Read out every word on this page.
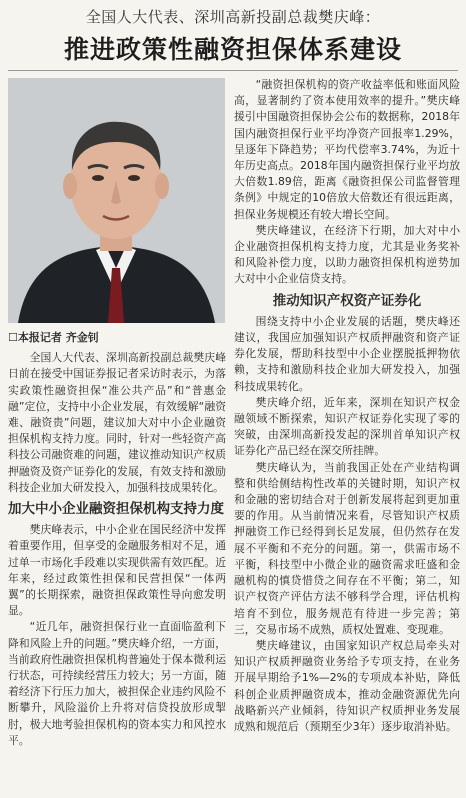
全国人大代表、深圳高新投副总裁樊庆峰：
推进政策性融资担保体系建设
☐本报记者 齐金钊

全国人大代表、深圳高新投副总裁樊庆峰日前在接受中国证券报记者采访时表示，为落实政策性融资担保“准公共产品”和“普惠金融”定位，支持中小企业发展，有效缓解“融资难、融资贵”问题，建议加大对中小企业融资担保机构支持力度。同时，针对一些轻资产高科技公司融资难的问题，建议推动知识产权质押融资及资产证券化的发展，有效支持和激励科技企业加大研发投入，加强科技成果转化。

加大中小企业融资担保机构支持力度

樊庆峰表示，中小企业在国民经济中发挥着重要作用，但享受的金融服务相对不足，通过单一市场化手段难以实现供需有效匹配。近年来，经过政策性担保和民营担保“一体两翼”的长期探索，融资担保政策性导向愈发明显。

“近几年，融资担保行业一直面临盈利下降和风险上升的问题。”樊庆峰介绍，一方面，当前政府性融资担保机构普遍处于保本微利运行状态，可持续经营压力较大；另一方面，随着经济下行压力加大，被担保企业违约风险不断攀升，风险溢价上升将对信贷投放形成掣肘，极大地考验担保机构的资本实力和风控水平。

“融资担保机构的资产收益率低和账面风险高，显著制约了资本使用效率的提升。”樊庆峰援引中国融资担保协会公布的数据称，2018年国内融资担保行业平均净资产回报率1.29%，呈逐年下降趋势；平均代偿率3.74%，为近十年历史高点。2018年国内融资担保行业平均放大倍数1.89倍，距离《融资担保公司监督管理条例》中规定的10倍放大倍数还有很远距离，担保业务规模还有较大增长空间。

樊庆峰建议，在经济下行期，加大对中小企业融资担保机构支持力度，尤其是业务奖补和风险补偿力度，以助力融资担保机构逆势加大对中小企业信贷支持。

推动知识产权资产证券化

围绕支持中小企业发展的话题，樊庆峰还建议，我国应加强知识产权质押融资和资产证券化发展，帮助科技型中小企业摆脱抵押物依赖，支持和激励科技企业加大研发投入，加强科技成果转化。

樊庆峰介绍，近年来，深圳在知识产权金融领域不断探索，知识产权证券化实现了零的突破，由深圳高新投发起的深圳首单知识产权证券化产品已经在深交所挂牌。

樊庆峰认为，当前我国正处在产业结构调整和供给侧结构性改革的关键时期，知识产权和金融的密切结合对于创新发展将起到更加重要的作用。从当前情况来看，尽管知识产权质押融资工作已经得到长足发展，但仍然存在发展不平衡和不充分的问题。第一，供需市场不平衡，科技型中小微企业的融资需求旺盛和金融机构的慎贷惜贷之间存在不平衡；第二，知识产权资产评估方法不够科学合理，评估机构培育不到位，服务规范有待进一步完善；第三，交易市场不成熟，质权处置难、变现难。

樊庆峰建议，由国家知识产权总局牵头对知识产权质押融资业务给予专项支持，在业务开展早期给予1%—2%的专项成本补贴，降低科创企业质押融资成本，推动金融资源优先向战略新兴产业倾斜，待知识产权质押业务发展成熟和规范后（预期至少3年）逐步取消补贴。
